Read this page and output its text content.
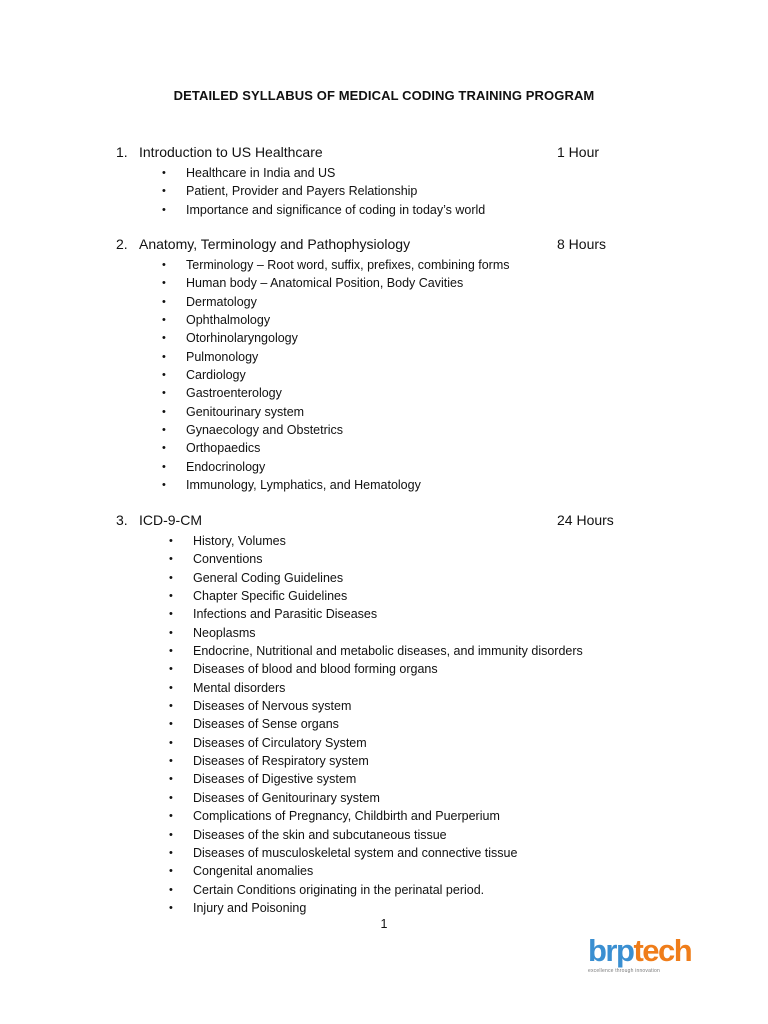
DETAILED SYLLABUS OF MEDICAL CODING TRAINING PROGRAM
1. Introduction to US Healthcare	1 Hour
• Healthcare in India and US
• Patient, Provider and Payers Relationship
• Importance and significance of coding in today’s world
2. Anatomy, Terminology and Pathophysiology	8 Hours
• Terminology – Root word, suffix, prefixes, combining forms
• Human body – Anatomical Position, Body Cavities
• Dermatology
• Ophthalmology
• Otorhinolaryngology
• Pulmonology
• Cardiology
• Gastroenterology
• Genitourinary system
• Gynaecology and Obstetrics
• Orthopaedics
• Endocrinology
• Immunology, Lymphatics, and Hematology
3. ICD-9-CM	24 Hours
• History, Volumes
• Conventions
• General Coding Guidelines
• Chapter Specific Guidelines
• Infections and Parasitic Diseases
• Neoplasms
• Endocrine, Nutritional and metabolic diseases, and immunity disorders
• Diseases of blood and blood forming organs
• Mental disorders
• Diseases of Nervous system
• Diseases of Sense organs
• Diseases of Circulatory System
• Diseases of Respiratory system
• Diseases of Digestive system
• Diseases of Genitourinary system
• Complications of Pregnancy, Childbirth and Puerperium
• Diseases of the skin and subcutaneous tissue
• Diseases of musculoskeletal system and connective tissue
• Congenital anomalies
• Certain Conditions originating in the perinatal period.
• Injury and Poisoning
1
brptech
excellence through innovation
